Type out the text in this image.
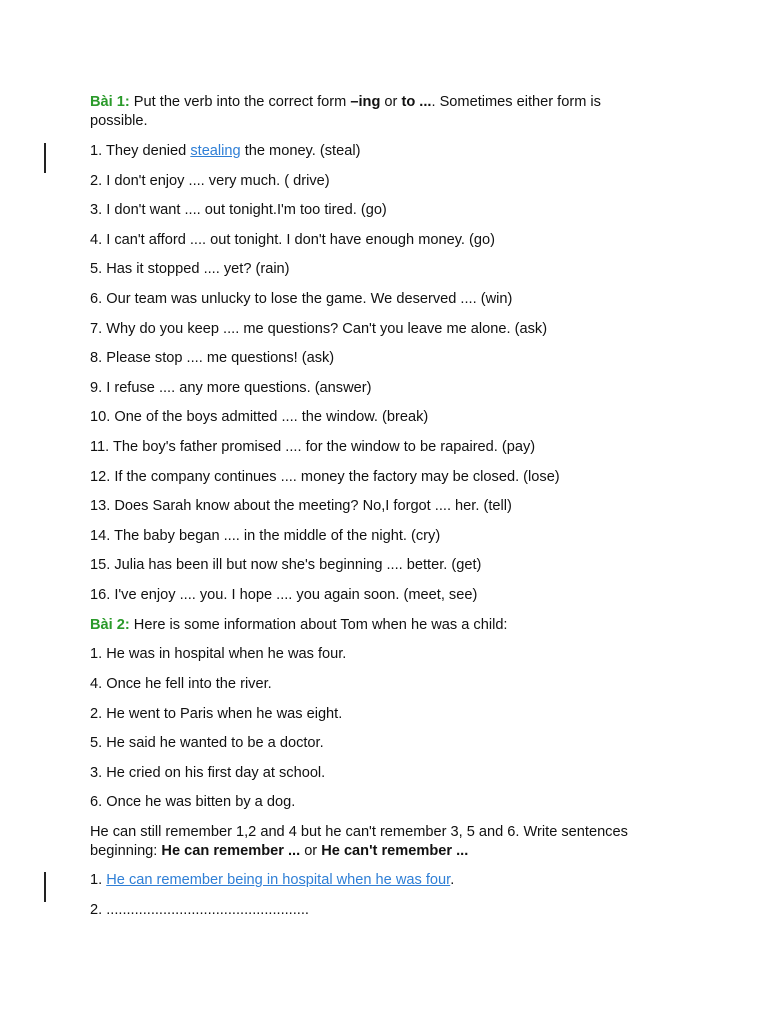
Bài 1: Put the verb into the correct form –ing or to .... Sometimes either form is
possible.
1. They denied stealing the money. (steal)
2. I don't enjoy .... very much. ( drive)
3. I don't want .... out tonight.I'm too tired. (go)
4. I can't afford .... out tonight. I don't have enough money. (go)
5. Has it stopped .... yet? (rain)
6. Our team was unlucky to lose the game. We deserved .... (win)
7. Why do you keep .... me questions? Can't you leave me alone. (ask)
8. Please stop .... me questions! (ask)
9. I refuse .... any more questions. (answer)
10. One of the boys admitted .... the window. (break)
11. The boy's father promised .... for the window to be rapaired. (pay)
12. If the company continues .... money the factory may be closed. (lose)
13. Does Sarah know about the meeting? No,I forgot .... her. (tell)
14. The baby began .... in the middle of the night. (cry)
15. Julia has been ill but now she's beginning .... better. (get)
16. I've enjoy .... you. I hope .... you again soon. (meet, see)
Bài 2: Here is some information about Tom when he was a child:
1. He was in hospital when he was four.
4. Once he fell into the river.
2. He went to Paris when he was eight.
5. He said he wanted to be a doctor.
3. He cried on his first day at school.
6. Once he was bitten by a dog.
He can still remember 1,2 and 4 but he can't remember 3, 5 and 6. Write sentences
beginning: He can remember ... or He can't remember ...
1. He can remember being in hospital when he was four.
2. ..................................................
